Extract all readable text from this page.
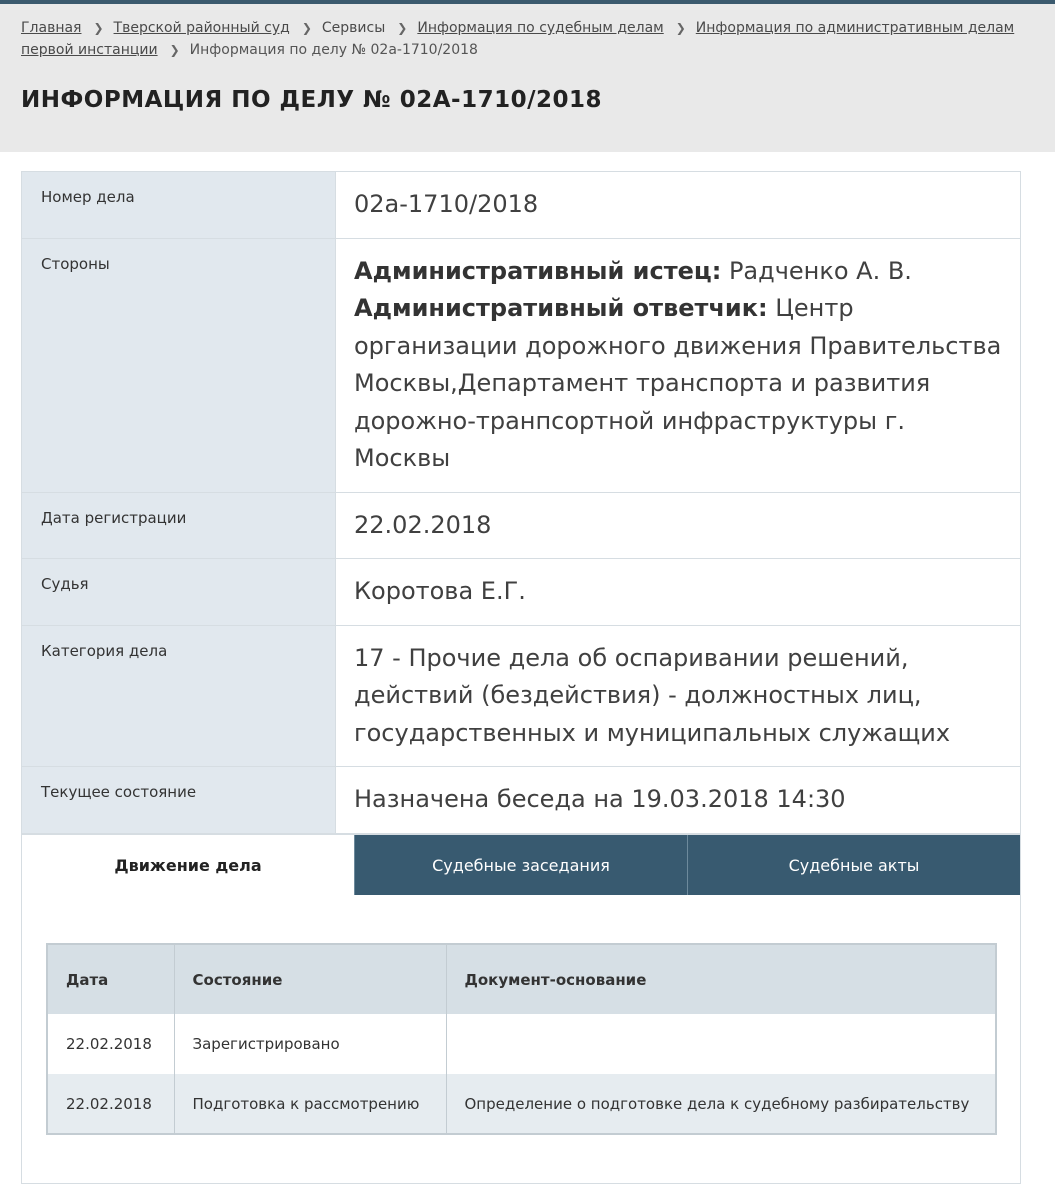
Главная ❯ Тверской районный суд ❯ Сервисы ❯ Информация по судебным делам ❯ Информация по административным делам первой инстанции ❯ Информация по делу № 02а-1710/2018
ИНФОРМАЦИЯ ПО ДЕЛУ № 02А-1710/2018
Номер дела	02а-1710/2018
Стороны	Административный истец: Радченко А. В.
Административный ответчик: Центр организации дорожного движения Правительства Москвы,Департамент транспорта и развития дорожно-транпсортной инфраструктуры г. Москвы
Дата регистрации	22.02.2018
Судья	Коротова Е.Г.
Категория дела	17 - Прочие дела об оспаривании решений, действий (бездействия) - должностных лиц, государственных и муниципальных служащих
Текущее состояние	Назначена беседа на 19.03.2018 14:30
Движение дела	Судебные заседания	Судебные акты
Дата	Состояние	Документ-основание
22.02.2018	Зарегистрировано	
22.02.2018	Подготовка к рассмотрению	Определение о подготовке дела к судебному разбирательству
